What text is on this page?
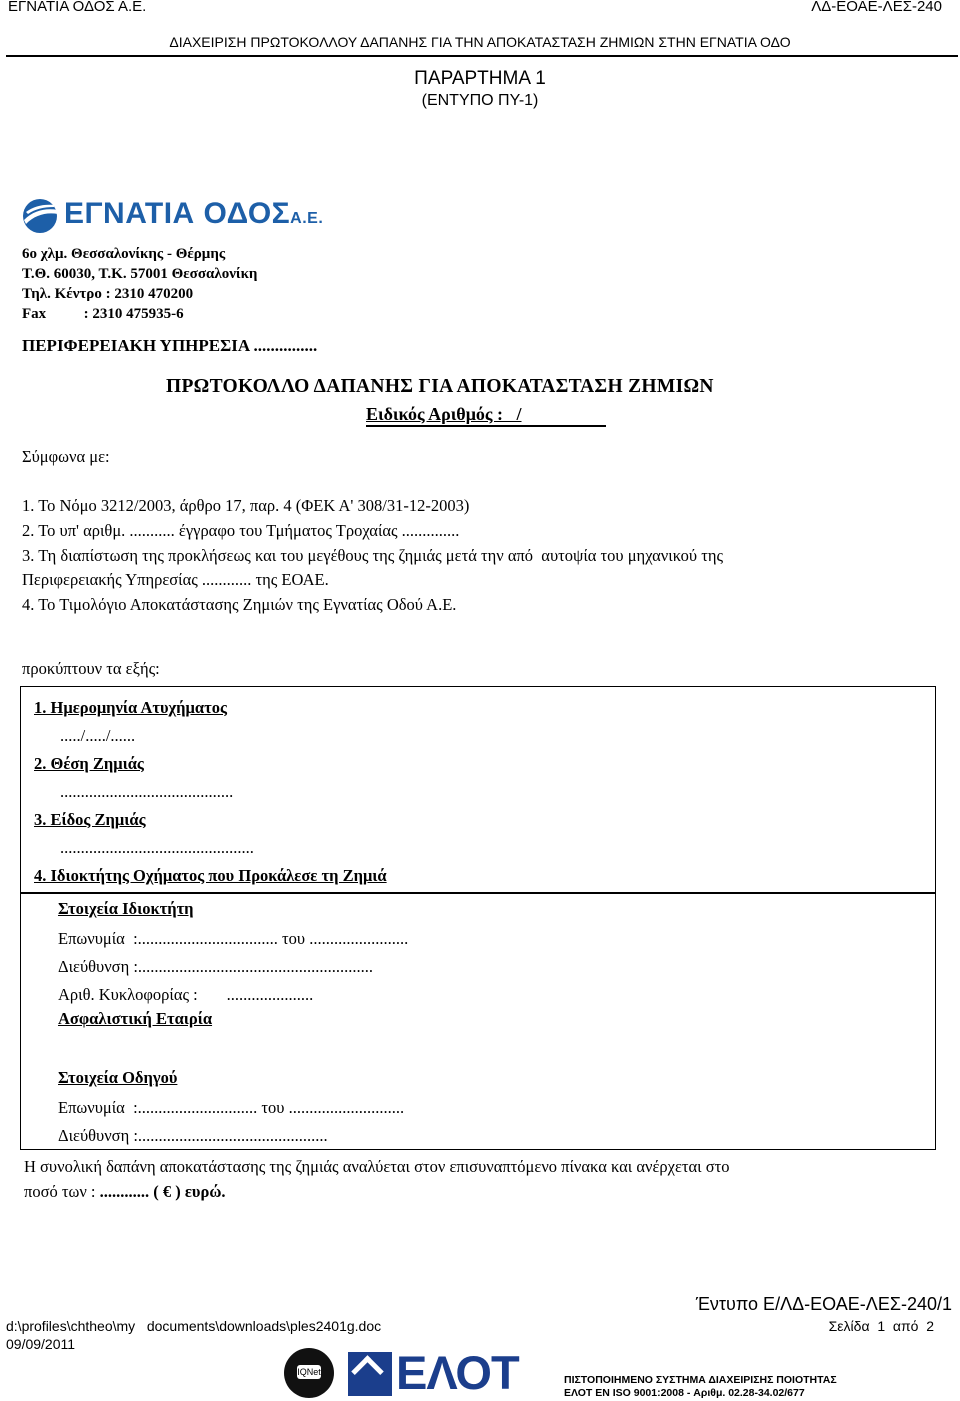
ΕΓΝΑΤΙΑ ΟΔΟΣ Α.Ε.	ΛΔ-ΕΟΑΕ-ΛΕΣ-240
ΔΙΑΧΕΙΡΙΣΗ ΠΡΩΤΟΚΟΛΛΟΥ ΔΑΠΑΝΗΣ ΓΙΑ ΤΗΝ ΑΠΟΚΑΤΑΣΤΑΣΗ ΖΗΜΙΩΝ ΣΤΗΝ ΕΓΝΑΤΙΑ ΟΔΟ
ΠΑΡΑΡΤΗΜΑ 1
(ΕΝΤΥΠΟ ΠΥ-1)
ΕΓΝΑΤΙΑ ΟΔΟΣΑ.Ε.
6ο χλμ. Θεσσαλονίκης - Θέρμης
Τ.Θ. 60030, Τ.Κ. 57001 Θεσσαλονίκη
Τηλ. Κέντρο : 2310 470200
Fax          : 2310 475935-6
ΠΕΡΙΦΕΡΕΙΑΚΗ ΥΠΗΡΕΣΙΑ ...............
ΠΡΩΤΟΚΟΛΛΟ ΔΑΠΑΝΗΣ ΓΙΑ ΑΠΟΚΑΤΑΣΤΑΣΗ ΖΗΜΙΩΝ
Ειδικός Αριθμός :   /
Σύμφωνα με:
1. Το Νόμο 3212/2003, άρθρο 17, παρ. 4 (ΦΕΚ Α' 308/31-12-2003)
2. Το υπ' αριθμ. ........... έγγραφο του Τμήματος Τροχαίας ..............
3. Τη διαπίστωση της προκλήσεως και του μεγέθους της ζημιάς μετά την από  αυτοψία του μηχανικού της
Περιφερειακής Υπηρεσίας ............ της ΕΟΑΕ.
4. Το Τιμολόγιο Αποκατάστασης Ζημιών της Εγνατίας Οδού Α.Ε.
προκύπτουν τα εξής:
1. Ημερομηνία Ατυχήματος
...../...../......
2. Θέση Ζημιάς
..........................................
3. Είδος Ζημιάς
...............................................
4. Ιδιοκτήτης Οχήματος που Προκάλεσε τη Ζημιά
Στοιχεία Ιδιοκτήτη
Επωνυμία  :.................................. του ........................
Διεύθυνση :.........................................................
Αριθ. Κυκλοφορίας :       .....................
Ασφαλιστική Εταιρία
Στοιχεία Οδηγού
Επωνυμία  :............................. του ............................
Διεύθυνση :..............................................
Η συνολική δαπάνη αποκατάστασης της ζημιάς αναλύεται στον επισυναπτόμενο πίνακα και ανέρχεται στο
ποσό των : ............ ( € ) ευρώ.
Έντυπο Ε/ΛΔ-ΕΟΑΕ-ΛΕΣ-240/1
d:\profiles\chtheo\my   documents\downloads\ples2401g.doc	Σελίδα  1  από  2
09/09/2011
IQNet ΕΛΟΤ	ΠΙΣΤΟΠΟΙΗΜΕΝΟ ΣΥΣΤΗΜΑ ΔΙΑΧΕΙΡΙΣΗΣ ΠΟΙΟΤΗΤΑΣ
ΕΛΟΤ EN ISO 9001:2008 - Αριθμ. 02.28-34.02/677
